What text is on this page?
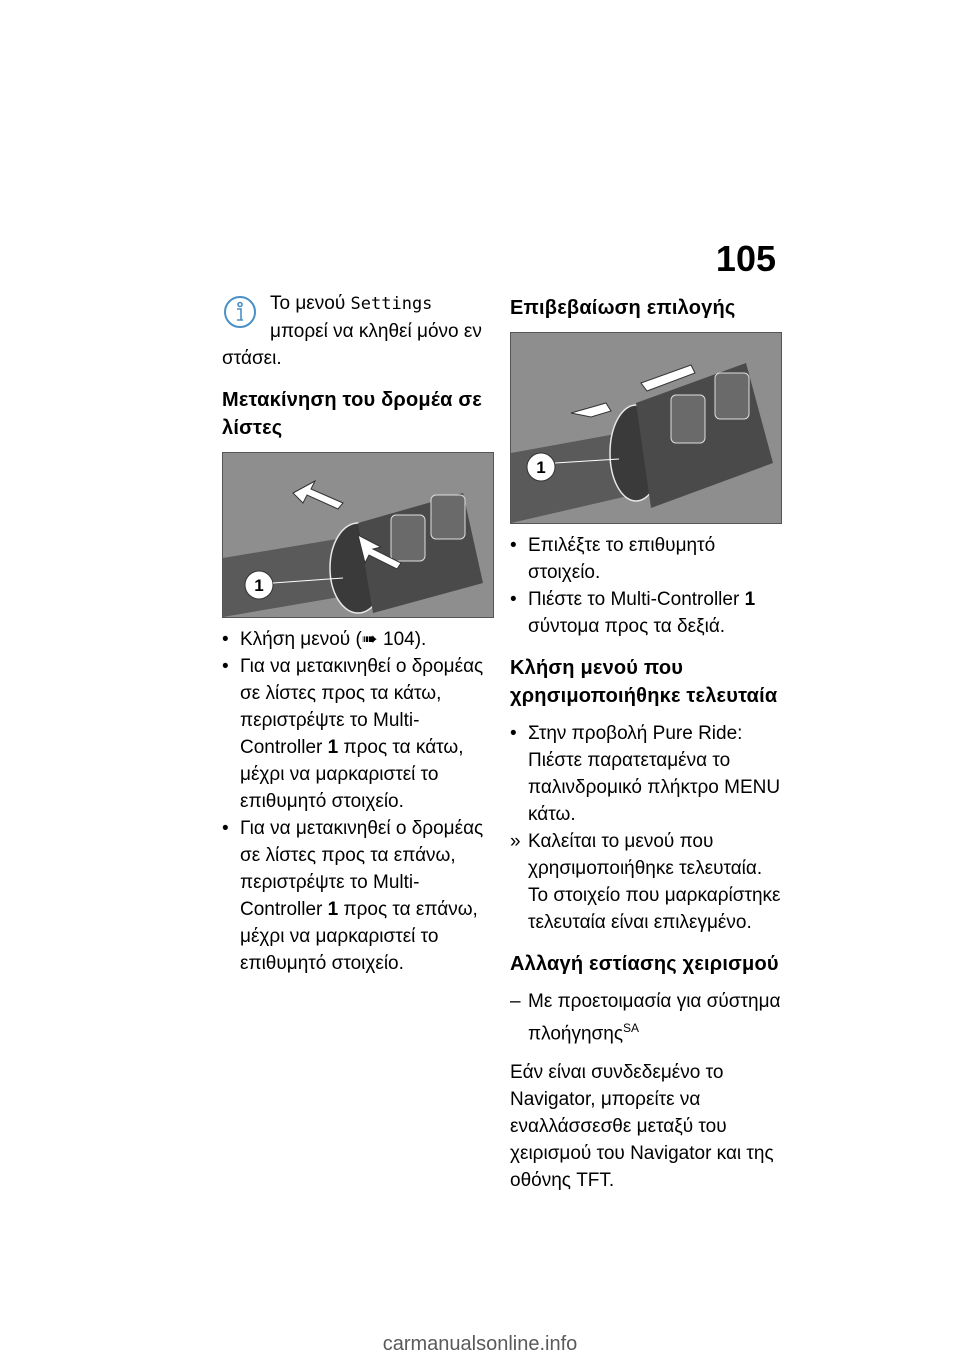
105
Το μενού Settings
μπορεί να κληθεί μόνο εν
στάσει.
Μετακίνηση του δρομέα σε λίστες
1
• Κλήση μενού (➠ 104).
• Για να μετακινηθεί ο δρομέας σε λίστες προς τα κάτω, περιστρέψτε το Multi-Controller 1 προς τα κάτω, μέχρι να μαρκαριστεί το επιθυμητό στοιχείο.
• Για να μετακινηθεί ο δρομέας σε λίστες προς τα επάνω, περιστρέψτε το Multi-Controller 1 προς τα επάνω, μέχρι να μαρκαριστεί το επιθυμητό στοιχείο.
Επιβεβαίωση επιλογής
1
• Επιλέξτε το επιθυμητό στοιχείο.
• Πιέστε το Multi-Controller 1 σύντομα προς τα δεξιά.
Κλήση μενού που χρησιμοποιήθηκε τελευταία
• Στην προβολή Pure Ride: Πιέστε παρατεταμένα το παλινδρομικό πλήκτρο MENU κάτω.
» Καλείται το μενού που χρησιμοποιήθηκε τελευταία. Το στοιχείο που μαρκαρίστηκε τελευταία είναι επιλεγμένο.
Αλλαγή εστίασης χειρισμού
– Με προετοιμασία για σύστημα πλοήγησης$^{SA}$

Εάν είναι συνδεδεμένο το Navigator, μπορείτε να εναλλάσσεσθε μεταξύ του χειρισμού του Navigator και της οθόνης TFT.

carmanualsonline.info
